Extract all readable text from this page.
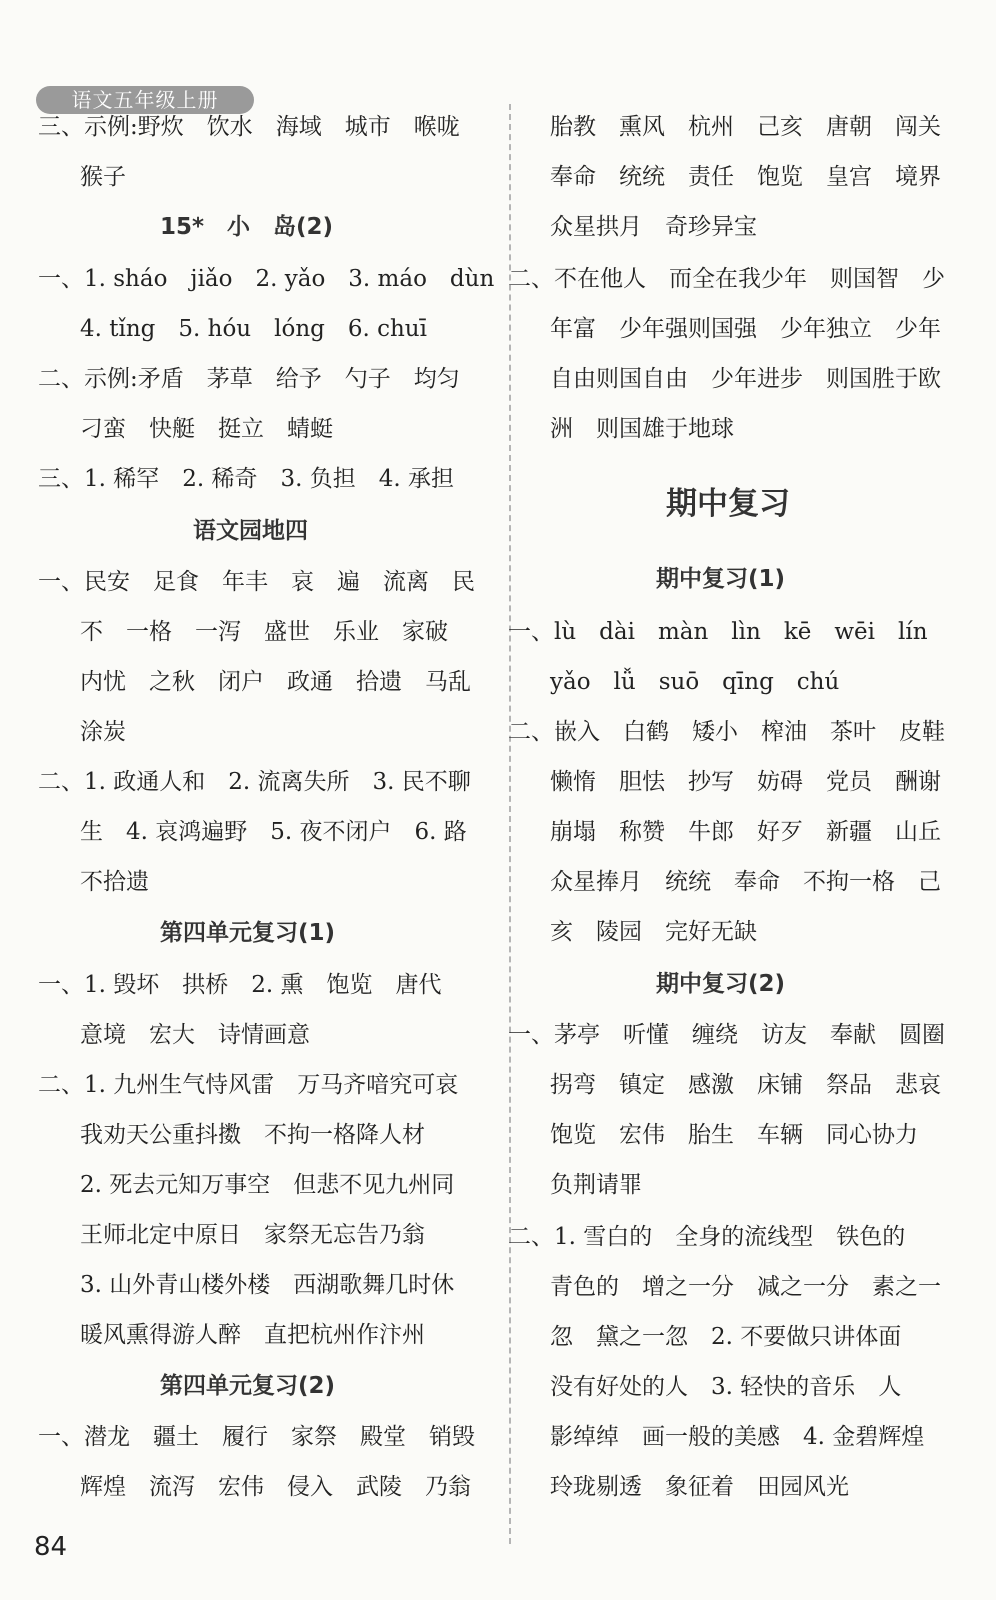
语文五年级上册
三、示例:野炊　饮水　海域　城市　喉咙
猴子
15*　小　岛(2)
一、1. sháo　jiǎo　2. yǎo　3. máo　dùn
4. tǐng　5. hóu　lóng　6. chuī
二、示例:矛盾　茅草　给予　勺子　均匀
刁蛮　快艇　挺立　蜻蜓
三、1. 稀罕　2. 稀奇　3. 负担　4. 承担
语文园地四
一、民安　足食　年丰　哀　遍　流离　民
不　一格　一泻　盛世　乐业　家破
内忧　之秋　闭户　政通　拾遗　马乱
涂炭
二、1. 政通人和　2. 流离失所　3. 民不聊
生　4. 哀鸿遍野　5. 夜不闭户　6. 路
不拾遗
第四单元复习(1)
一、1. 毁坏　拱桥　2. 熏　饱览　唐代
意境　宏大　诗情画意
二、1. 九州生气恃风雷　万马齐喑究可哀
我劝天公重抖擞　不拘一格降人材
2. 死去元知万事空　但悲不见九州同
王师北定中原日　家祭无忘告乃翁
3. 山外青山楼外楼　西湖歌舞几时休
暖风熏得游人醉　直把杭州作汴州
第四单元复习(2)
一、潜龙　疆土　履行　家祭　殿堂　销毁
辉煌　流泻　宏伟　侵入　武陵　乃翁
胎教　熏风　杭州　己亥　唐朝　闯关
奉命　统统　责任　饱览　皇宫　境界
众星拱月　奇珍异宝
二、不在他人　而全在我少年　则国智　少
年富　少年强则国强　少年独立　少年
自由则国自由　少年进步　则国胜于欧
洲　则国雄于地球
期中复习
期中复习(1)
一、lù　dài　màn　lìn　kē　wēi　lín
yǎo　lǚ　suō　qīng　chú
二、嵌入　白鹤　矮小　榨油　茶叶　皮鞋
懒惰　胆怯　抄写　妨碍　党员　酬谢
崩塌　称赞　牛郎　好歹　新疆　山丘
众星捧月　统统　奉命　不拘一格　己
亥　陵园　完好无缺
期中复习(2)
一、茅亭　听懂　缠绕　访友　奉献　圆圈
拐弯　镇定　感激　床铺　祭品　悲哀
饱览　宏伟　胎生　车辆　同心协力
负荆请罪
二、1. 雪白的　全身的流线型　铁色的
青色的　增之一分　减之一分　素之一
忽　黛之一忽　2. 不要做只讲体面
没有好处的人　3. 轻快的音乐　人
影绰绰　画一般的美感　4. 金碧辉煌
玲珑剔透　象征着　田园风光
84
